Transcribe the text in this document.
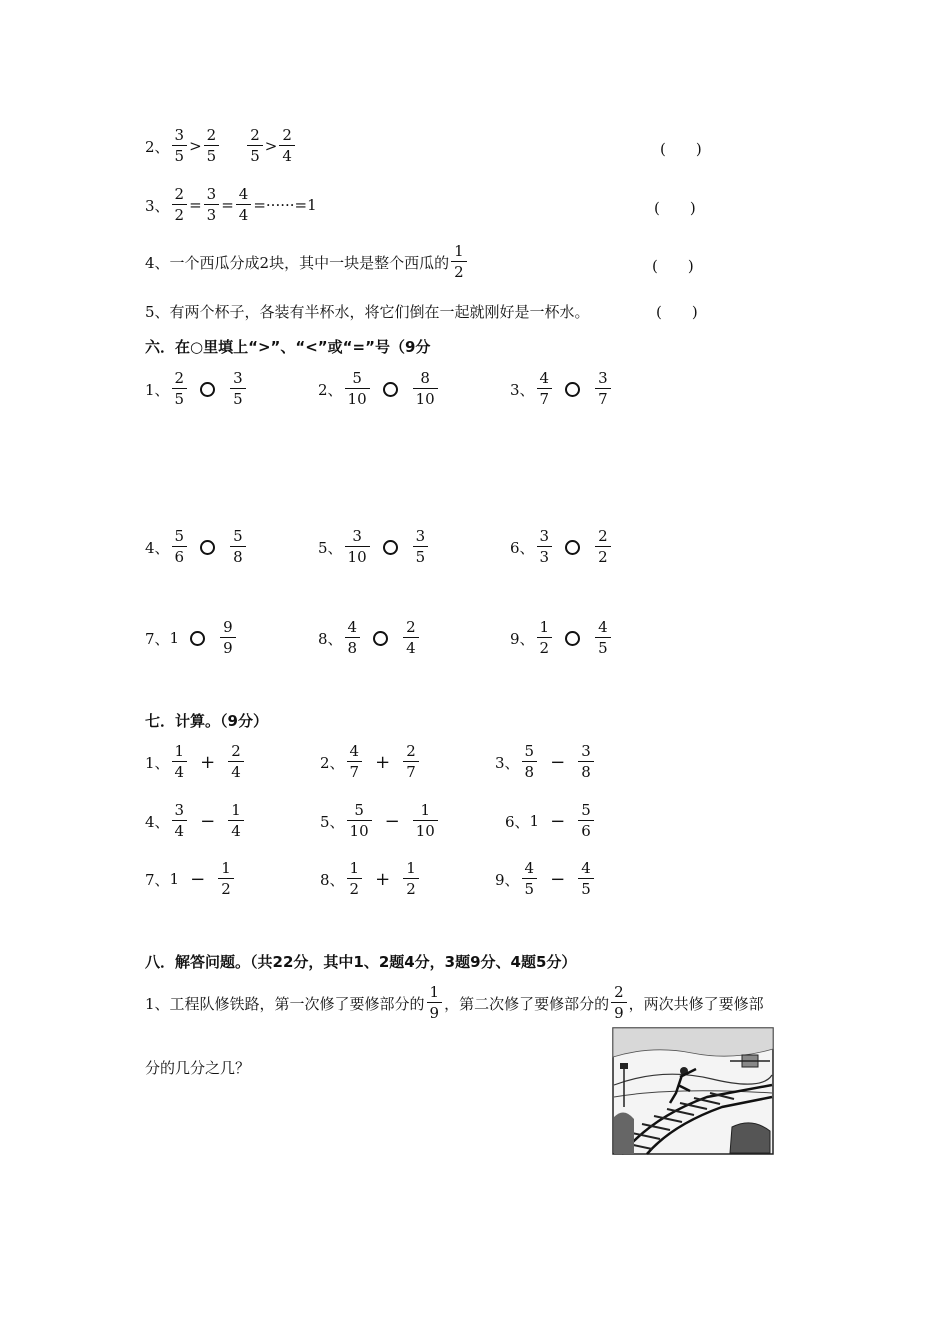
2、 $\frac{3}{5} > \frac{2}{5} \frac{2}{5} > \frac{2}{4}$	(　　)
3、 $\frac{2}{2} = \frac{3}{3} = \frac{4}{4} =\cdot\cdot\cdot\cdot\cdot\cdot=1$	(　　)
4、 一个西瓜分成2块，其中一块是整个西瓜的 $\frac{1}{2}$	(　　)
5、 有两个杯子，各装有半杯水，将它们倒在一起就刚好是一杯水。	(　　)
六．在○里填上“>”、“<”或“=”号（9分
1、 $\frac{2}{5}$	$\frac{3}{5}$	2、 $\frac{5}{10}$	$\frac{8}{10}$	3、 $\frac{4}{7}$	$\frac{3}{7}$
4、 $\frac{5}{6}$	$\frac{5}{8}$	5、 $\frac{3}{10}$	$\frac{3}{5}$	6、 $\frac{3}{3}$	$\frac{2}{2}$
7、 1	$\frac{9}{9}$	8、 $\frac{4}{8}$	$\frac{2}{4}$	9、 $\frac{1}{2}$	$\frac{4}{5}$
七．计算。（9分）
1、 $\frac{1}{4} + \frac{2}{4}$	2、 $\frac{4}{7} + \frac{2}{7}$	3、 $\frac{5}{8} - \frac{3}{8}$
4、 $\frac{3}{4} - \frac{1}{4}$	5、 $\frac{5}{10} - \frac{1}{10}$	6、 $1 - \frac{5}{6}$
7、 $1 - \frac{1}{2}$	8、 $\frac{1}{2} + \frac{1}{2}$	9、 $\frac{4}{5} - \frac{4}{5}$
八．解答问题。（共22分，其中1、2题4分，3题9分、4题5分）
1、工程队修铁路，第一次修了要修部分的 $\frac{1}{9}$ ，第二次修了要修部分的 $\frac{2}{9}$ ，两次共修了要修部
分的几分之几？
